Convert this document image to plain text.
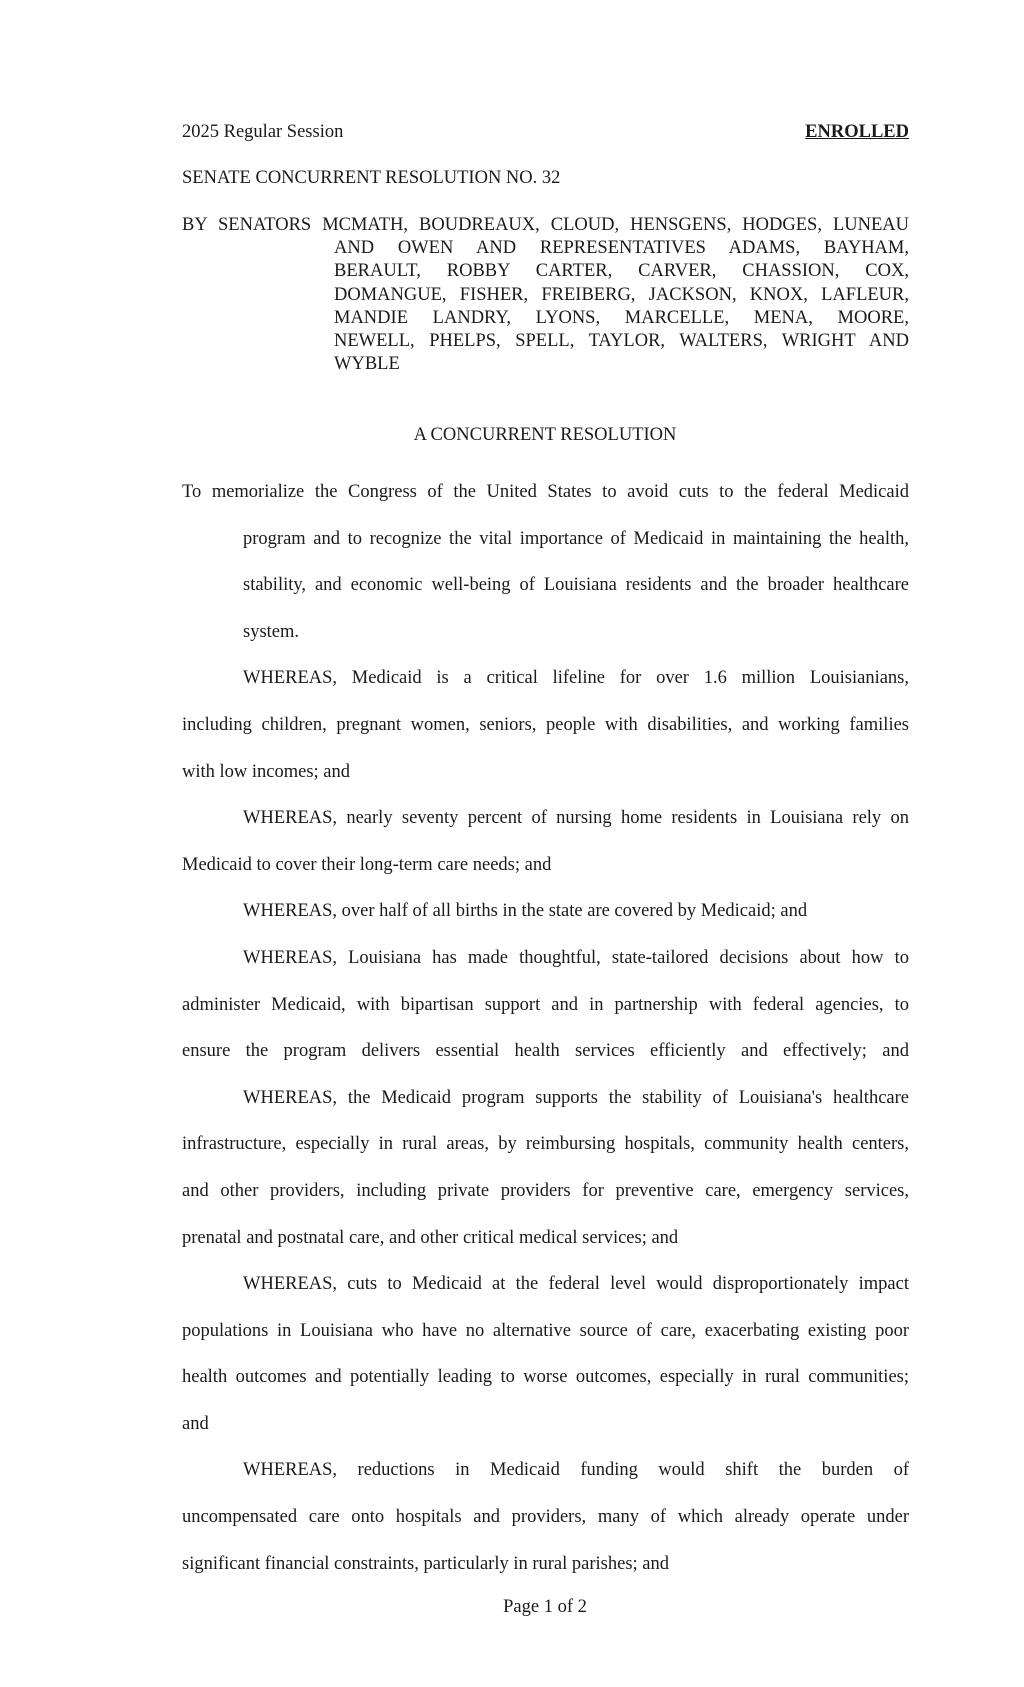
2025 Regular Session	ENROLLED
SENATE CONCURRENT RESOLUTION NO. 32
BY SENATORS MCMATH, BOUDREAUX, CLOUD, HENSGENS, HODGES, LUNEAU
AND OWEN AND REPRESENTATIVES ADAMS, BAYHAM,
BERAULT, ROBBY CARTER, CARVER, CHASSION, COX,
DOMANGUE, FISHER, FREIBERG, JACKSON, KNOX, LAFLEUR,
MANDIE LANDRY, LYONS, MARCELLE, MENA, MOORE,
NEWELL, PHELPS, SPELL, TAYLOR, WALTERS, WRIGHT AND
WYBLE
A CONCURRENT RESOLUTION
To memorialize the Congress of the United States to avoid cuts to the federal Medicaid
program and to recognize the vital importance of Medicaid in maintaining the health,
stability, and economic well-being of Louisiana residents and the broader healthcare
system.
WHEREAS, Medicaid is a critical lifeline for over 1.6 million Louisianians,
including children, pregnant women, seniors, people with disabilities, and working families
with low incomes; and
WHEREAS, nearly seventy percent of nursing home residents in Louisiana rely on
Medicaid to cover their long-term care needs; and
WHEREAS, over half of all births in the state are covered by Medicaid; and
WHEREAS, Louisiana has made thoughtful, state-tailored decisions about how to
administer Medicaid, with bipartisan support and in partnership with federal agencies, to
ensure the program delivers essential health services efficiently and effectively; and
WHEREAS, the Medicaid program supports the stability of Louisiana's healthcare
infrastructure, especially in rural areas, by reimbursing hospitals, community health centers,
and other providers, including private providers for preventive care, emergency services,
prenatal and postnatal care, and other critical medical services; and
WHEREAS, cuts to Medicaid at the federal level would disproportionately impact
populations in Louisiana who have no alternative source of care, exacerbating existing poor
health outcomes and potentially leading to worse outcomes, especially in rural communities;
and
WHEREAS, reductions in Medicaid funding would shift the burden of
uncompensated care onto hospitals and providers, many of which already operate under
significant financial constraints, particularly in rural parishes; and
Page 1 of 2
